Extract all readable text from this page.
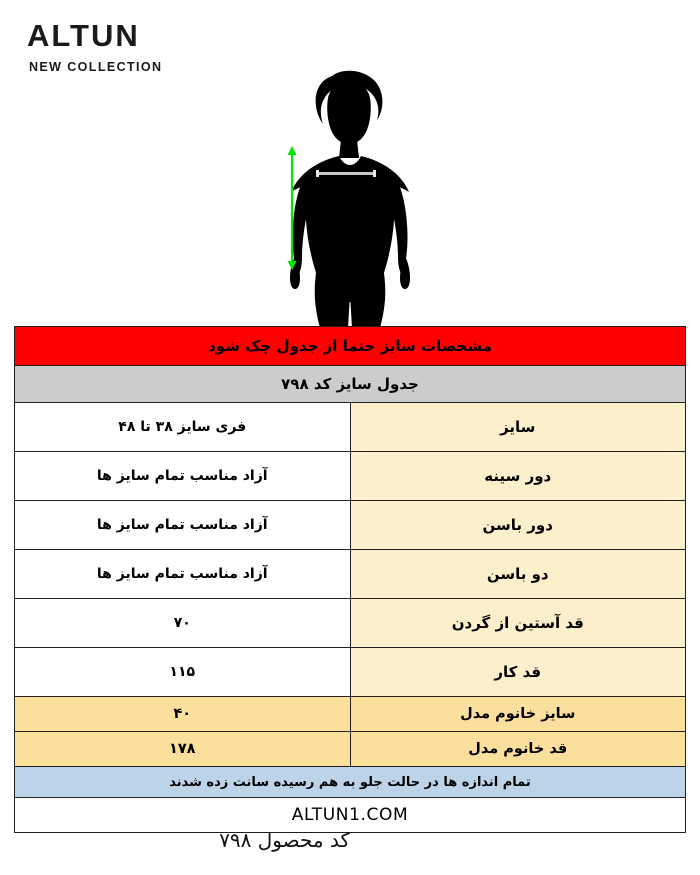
ALTUN
NEW COLLECTION
مشخصات سایز حتما از جدول چک شود	
جدول سایز کد ۷۹۸	
سایز	فری سایز ۳۸ تا ۴۸
دور سینه	آزاد مناسب تمام سایز ها
دور باسن	آزاد مناسب تمام سایز ها
دو باسن	آزاد مناسب تمام سایز ها
قد آستین از گردن	۷۰
قد کار	۱۱۵
سایز خانوم مدل	۴۰
قد خانوم مدل	۱۷۸
تمام اندازه ها در حالت جلو به هم رسیده سانت زده شدند	
ALTUN1.COM	
کد محصول ۷۹۸
